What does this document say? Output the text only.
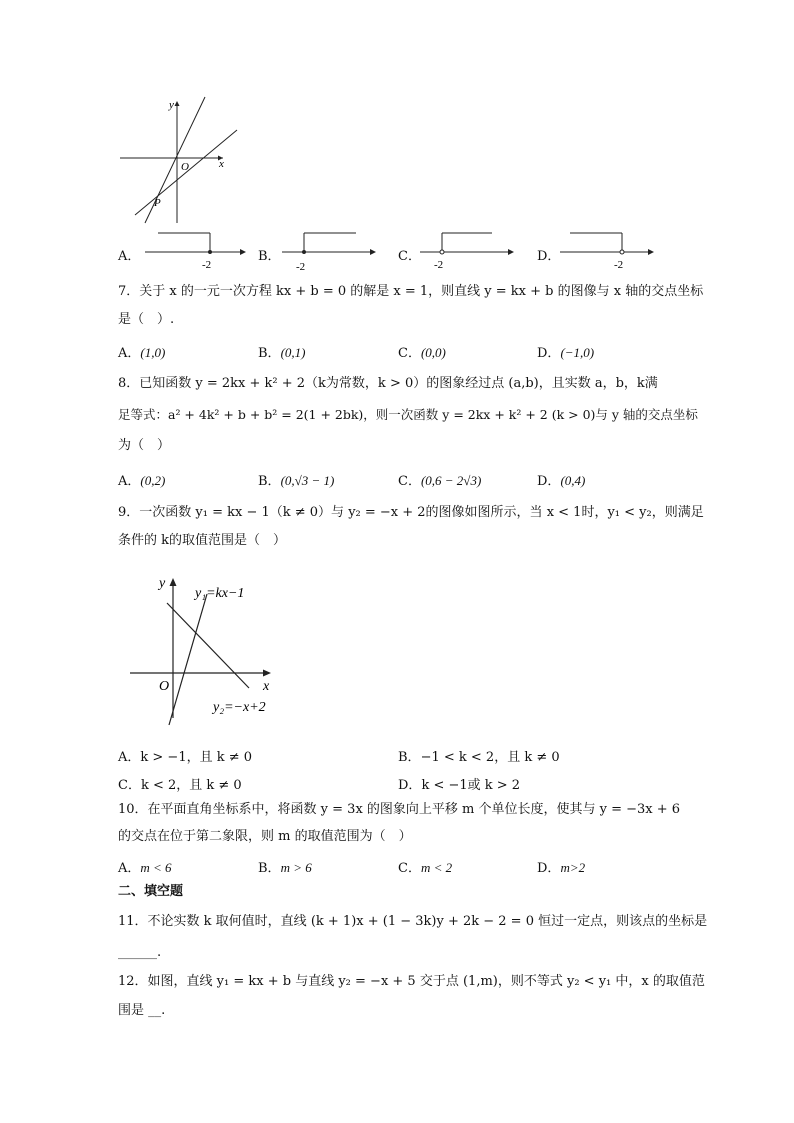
y
x
O
P
A．
-2
B．
-2
C．
-2
D．
-2
7．关于 x 的一元一次方程 kx + b = 0 的解是 x = 1，则直线 y = kx + b 的图像与 x 轴的交点坐标
是（　）.
A．(1,0)	B．(0,1)	C．(0,0)	D．(−1,0)
8．已知函数 y = 2kx + k² + 2（k为常数，k > 0）的图象经过点 (a,b)，且实数 a，b，k满
足等式：a² + 4k² + b + b² = 2(1 + 2bk)，则一次函数 y = 2kx + k² + 2 (k > 0)与 y 轴的交点坐标
为（　）
A．(0,2)	B．(0,√3 − 1)	C．(0,6 − 2√3)	D．(0,4)
9．一次函数 y₁ = kx − 1（k ≠ 0）与 y₂ = −x + 2的图像如图所示，当 x < 1时，y₁ < y₂，则满足
条件的 k的取值范围是（　）
y
x
O
y₁=kx−1
y₂=−x+2
A．k > −1，且 k ≠ 0	B．−1 < k < 2，且 k ≠ 0
C．k < 2，且 k ≠ 0	D．k < −1或 k > 2
10．在平面直角坐标系中，将函数 y = 3x 的图象向上平移 m 个单位长度，使其与 y = −3x + 6
的交点在位于第二象限，则 m 的取值范围为（　）
A．m < 6	B．m > 6	C．m < 2	D．m>2
二、填空题
11．不论实数 k 取何值时，直线 (k + 1)x + (1 − 3k)y + 2k − 2 = 0 恒过一定点，则该点的坐标是
______.
12．如图，直线 y₁ = kx + b 与直线 y₂ = −x + 5 交于点 (1,m)，则不等式 y₂ < y₁ 中，x 的取值范
围是 __.
